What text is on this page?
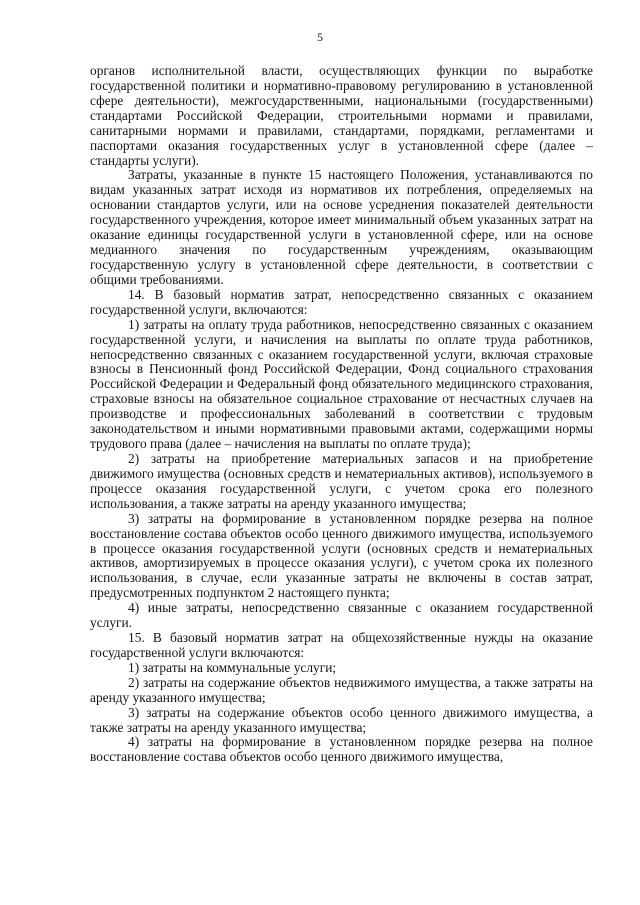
5

органов исполнительной власти, осуществляющих функции по выработке государственной политики и нормативно-правовому регулированию в установленной сфере деятельности), межгосударственными, национальными (государственными) стандартами Российской Федерации, строительными нормами и правилами, санитарными нормами и правилами, стандартами, порядками, регламентами и паспортами оказания государственных услуг в установленной сфере (далее – стандарты услуги).

Затраты, указанные в пункте 15 настоящего Положения, устанавливаются по видам указанных затрат исходя из нормативов их потребления, определяемых на основании стандартов услуги, или на основе усреднения показателей деятельности государственного учреждения, которое имеет минимальный объем указанных затрат на оказание единицы государственной услуги в установленной сфере, или на основе медианного значения по государственным учреждениям, оказывающим государственную услугу в установленной сфере деятельности, в соответствии с общими требованиями.

14. В базовый норматив затрат, непосредственно связанных с оказанием государственной услуги, включаются:

1) затраты на оплату труда работников, непосредственно связанных с оказанием государственной услуги, и начисления на выплаты по оплате труда работников, непосредственно связанных с оказанием государственной услуги, включая страховые взносы в Пенсионный фонд Российской Федерации, Фонд социального страхования Российской Федерации и Федеральный фонд обязательного медицинского страхования, страховые взносы на обязательное социальное страхование от несчастных случаев на производстве и профессиональных заболеваний в соответствии с трудовым законодательством и иными нормативными правовыми актами, содержащими нормы трудового права (далее – начисления на выплаты по оплате труда);

2) затраты на приобретение материальных запасов и на приобретение движимого имущества (основных средств и нематериальных активов), используемого в процессе оказания государственной услуги, с учетом срока его полезного использования, а также затраты на аренду указанного имущества;

3) затраты на формирование в установленном порядке резерва на полное восстановление состава объектов особо ценного движимого имущества, используемого в процессе оказания государственной услуги (основных средств и нематериальных активов, амортизируемых в процессе оказания услуги), с учетом срока их полезного использования, в случае, если указанные затраты не включены в состав затрат, предусмотренных подпунктом 2 настоящего пункта;

4) иные затраты, непосредственно связанные с оказанием государственной услуги.

15. В базовый норматив затрат на общехозяйственные нужды на оказание государственной услуги включаются:

1) затраты на коммунальные услуги;

2) затраты на содержание объектов недвижимого имущества, а также затраты на аренду указанного имущества;

3) затраты на содержание объектов особо ценного движимого имущества, а также затраты на аренду указанного имущества;

4) затраты на формирование в установленном порядке резерва на полное восстановление состава объектов особо ценного движимого имущества,
